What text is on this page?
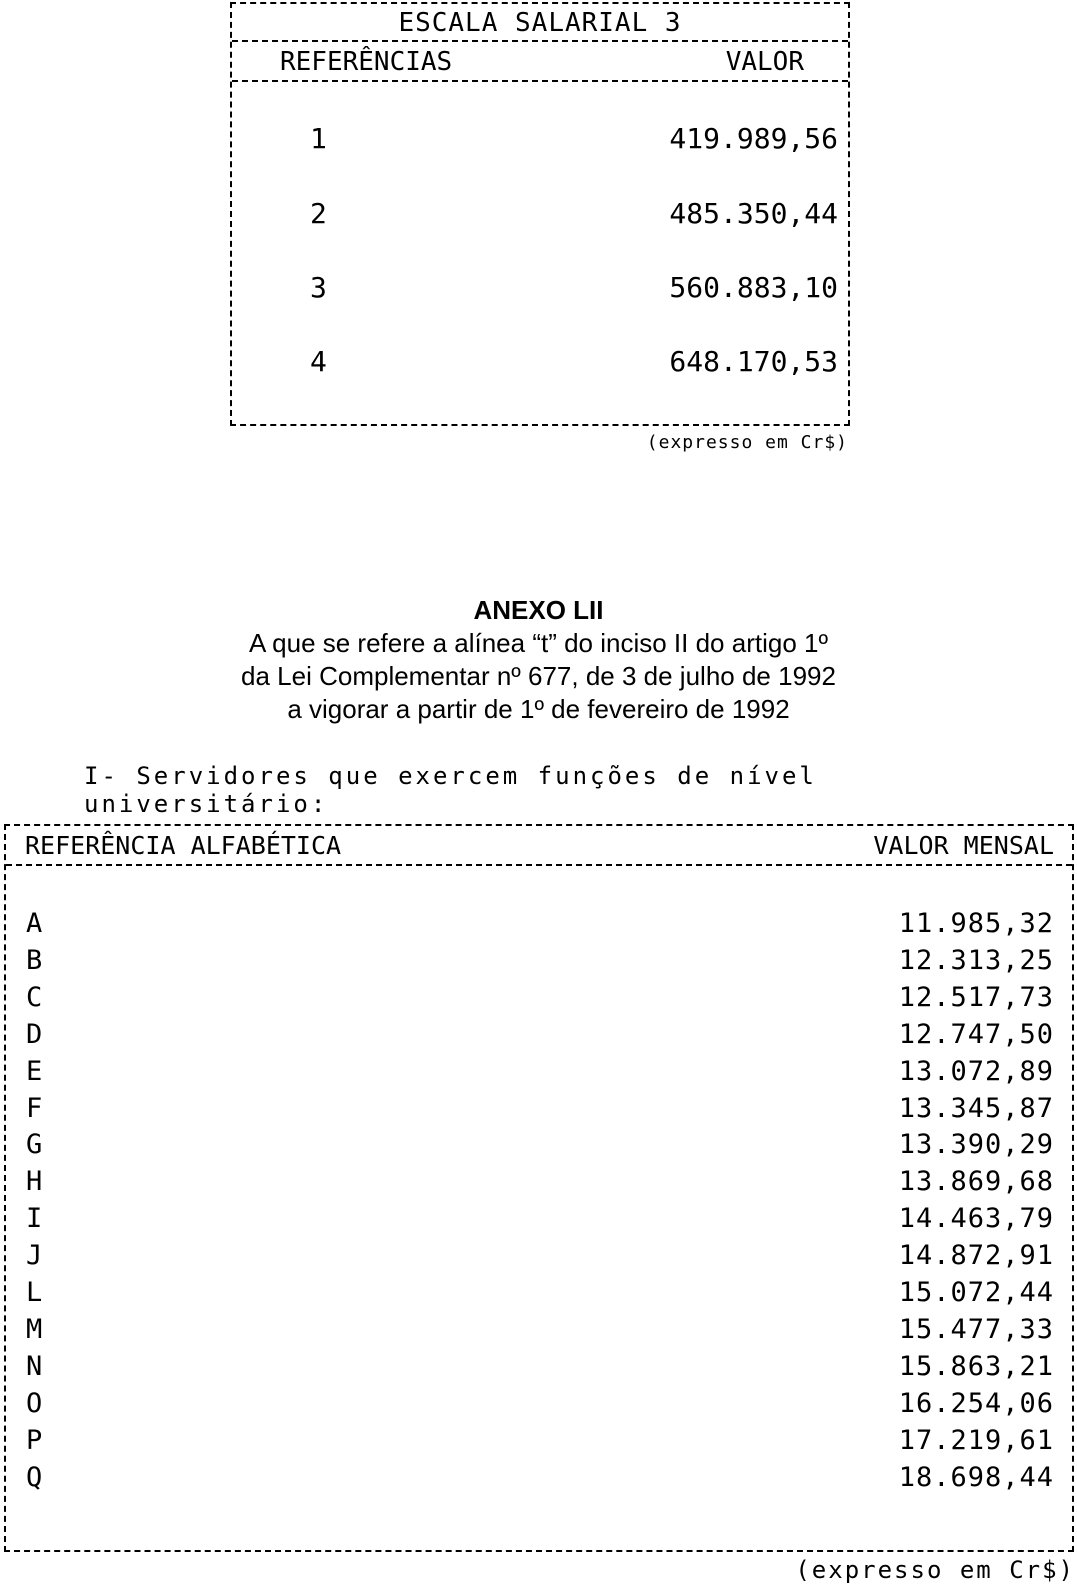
ESCALA SALARIAL 3
REFERÊNCIAS	VALOR
1	419.989,56
2	485.350,44
3	560.883,10
4	648.170,53
(expresso em Cr$)
ANEXO LII
A que se refere a alínea “t” do inciso II do artigo 1º
da Lei Complementar nº 677, de 3 de julho de 1992
a vigorar a partir de 1º de fevereiro de 1992
I- Servidores que exercem funções de nível universitário:
REFERÊNCIA ALFABÉTICA	VALOR MENSAL
A	11.985,32
B	12.313,25
C	12.517,73
D	12.747,50
E	13.072,89
F	13.345,87
G	13.390,29
H	13.869,68
I	14.463,79
J	14.872,91
L	15.072,44
M	15.477,33
N	15.863,21
O	16.254,06
P	17.219,61
Q	18.698,44
(expresso em Cr$)
